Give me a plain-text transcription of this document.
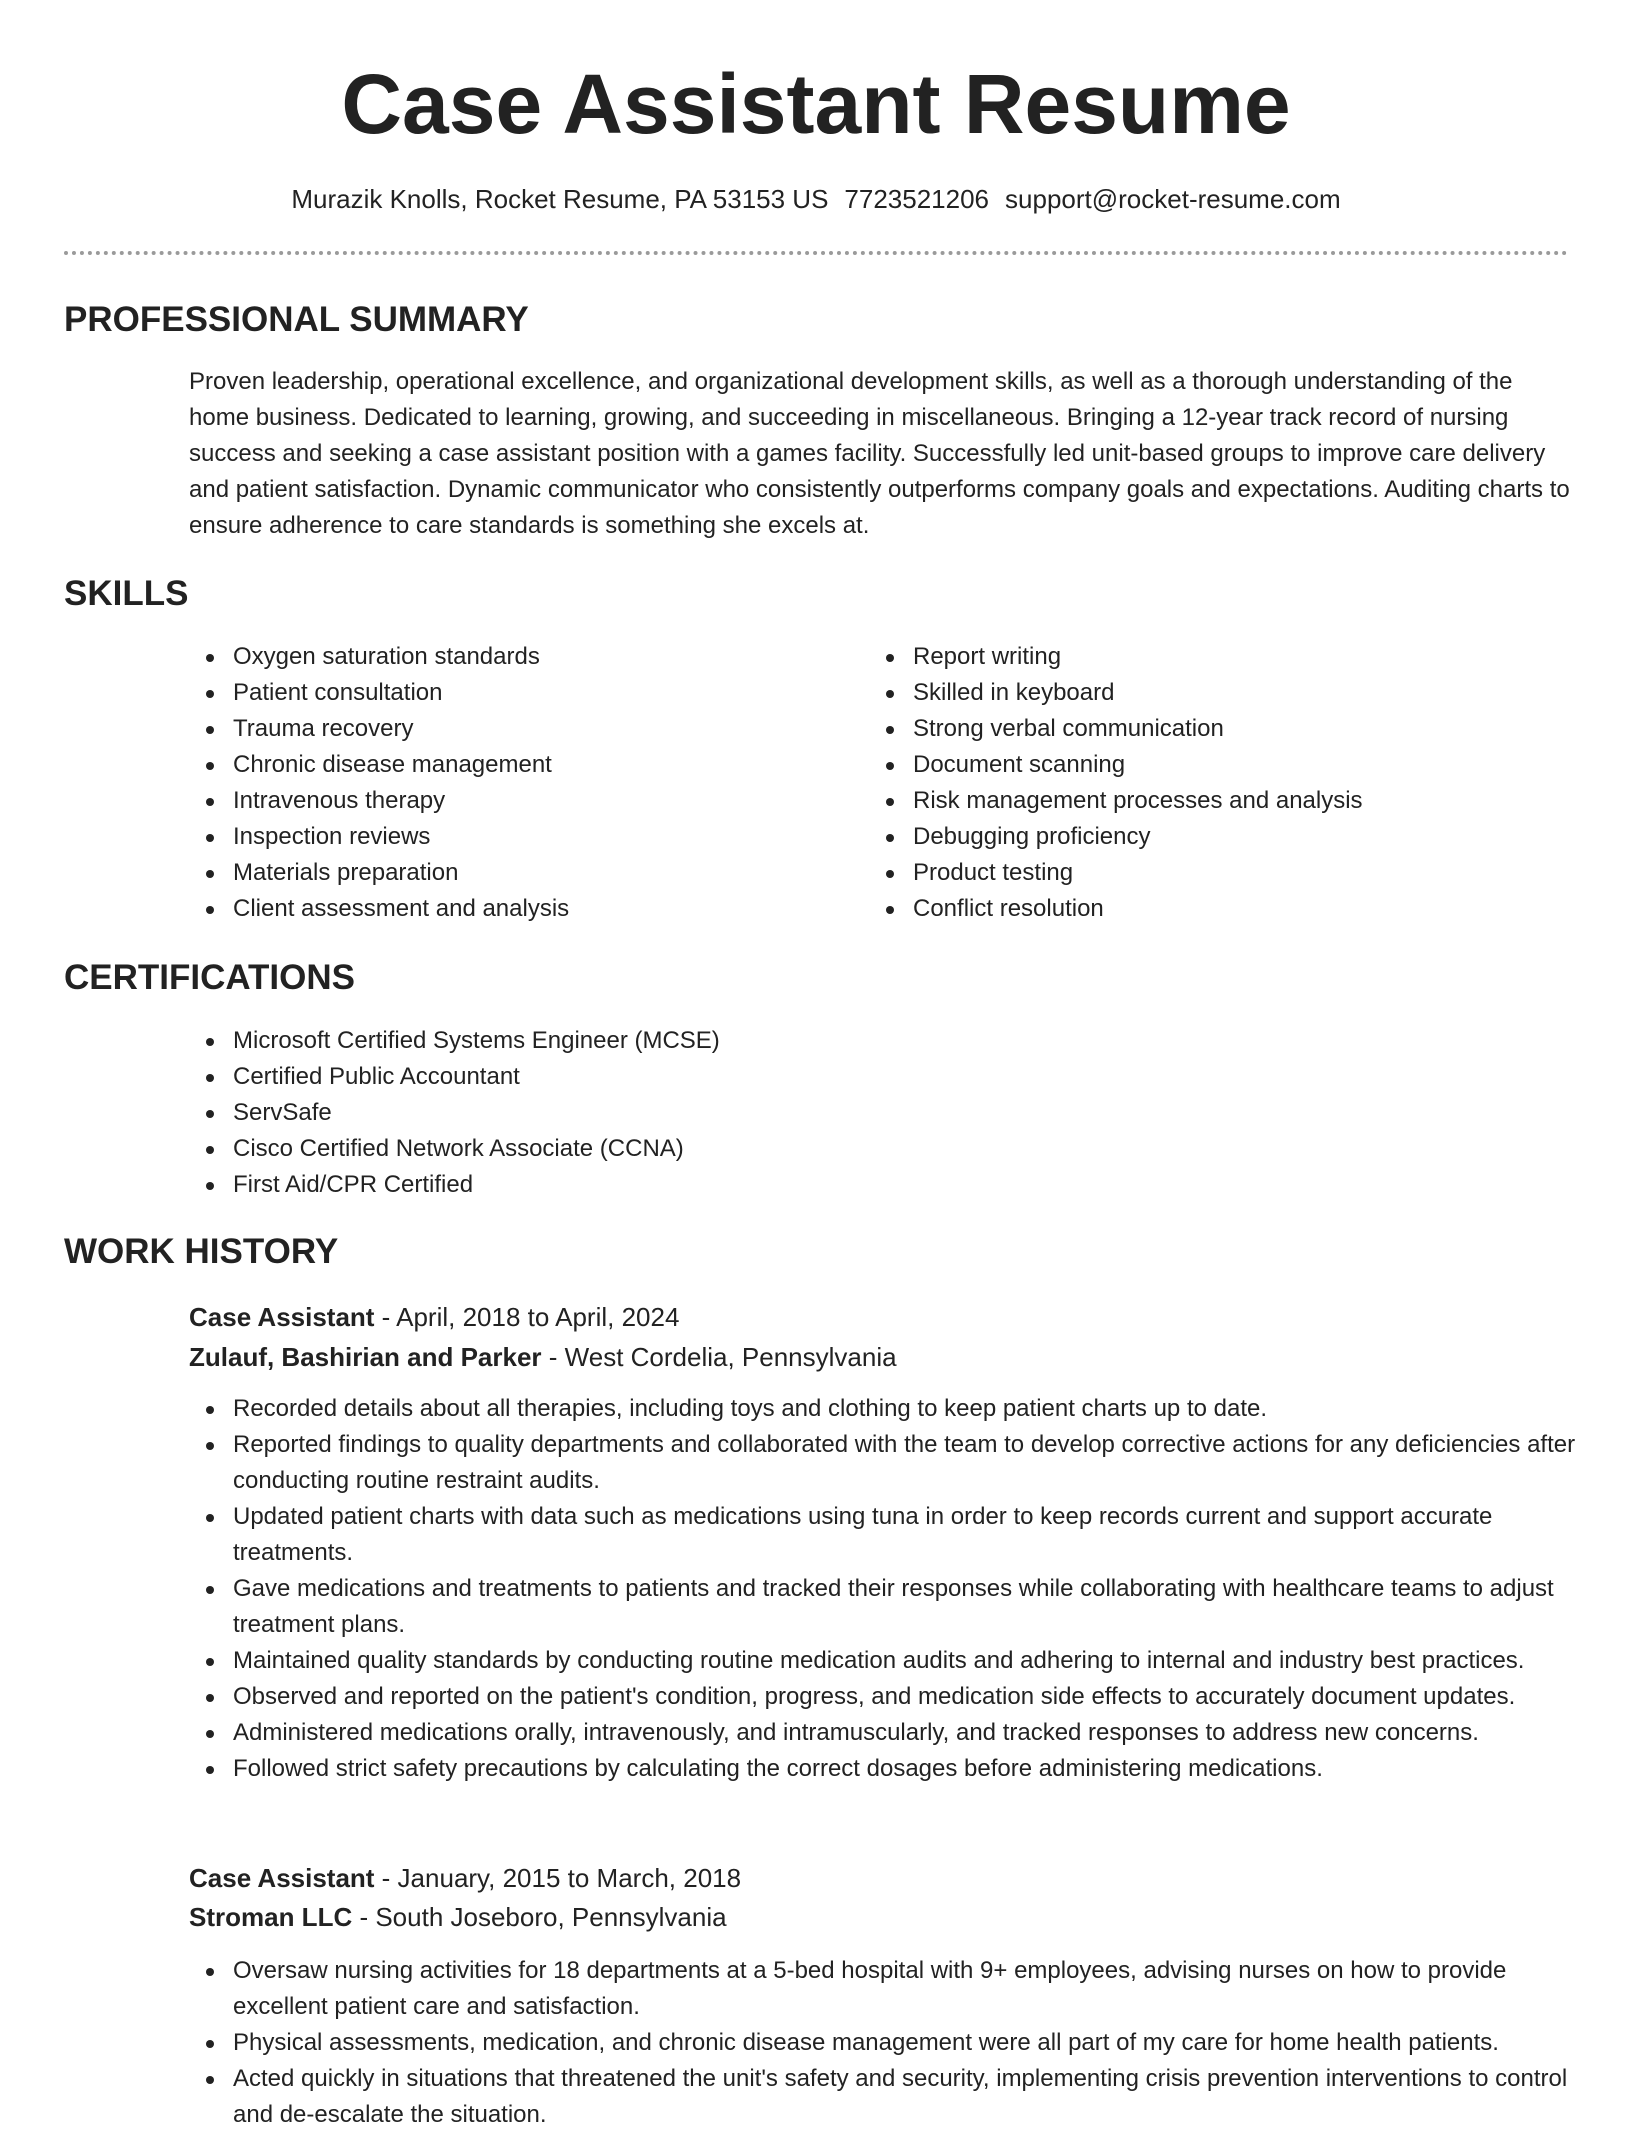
Case Assistant Resume
Murazik Knolls, Rocket Resume, PA 53153 US 7723521206 support@rocket-resume.com
PROFESSIONAL SUMMARY

Proven leadership, operational excellence, and organizational development skills, as well as a thorough understanding of the home business. Dedicated to learning, growing, and succeeding in miscellaneous. Bringing a 12-year track record of nursing success and seeking a case assistant position with a games facility. Successfully led unit-based groups to improve care delivery and patient satisfaction. Dynamic communicator who consistently outperforms company goals and expectations. Auditing charts to ensure adherence to care standards is something she excels at.

SKILLS
Oxygen saturation standards
Patient consultation
Trauma recovery
Chronic disease management
Intravenous therapy
Inspection reviews
Materials preparation
Client assessment and analysis
Report writing
Skilled in keyboard
Strong verbal communication
Document scanning
Risk management processes and analysis
Debugging proficiency
Product testing
Conflict resolution
CERTIFICATIONS
Microsoft Certified Systems Engineer (MCSE)
Certified Public Accountant
ServSafe
Cisco Certified Network Associate (CCNA)
First Aid/CPR Certified
WORK HISTORY
Case Assistant - April, 2018 to April, 2024
Zulauf, Bashirian and Parker - West Cordelia, Pennsylvania
Recorded details about all therapies, including toys and clothing to keep patient charts up to date.
Reported findings to quality departments and collaborated with the team to develop corrective actions for any deficiencies after conducting routine restraint audits.
Updated patient charts with data such as medications using tuna in order to keep records current and support accurate treatments.
Gave medications and treatments to patients and tracked their responses while collaborating with healthcare teams to adjust treatment plans.
Maintained quality standards by conducting routine medication audits and adhering to internal and industry best practices.
Observed and reported on the patient's condition, progress, and medication side effects to accurately document updates.
Administered medications orally, intravenously, and intramuscularly, and tracked responses to address new concerns.
Followed strict safety precautions by calculating the correct dosages before administering medications.
Case Assistant - January, 2015 to March, 2018
Stroman LLC - South Joseboro, Pennsylvania
Oversaw nursing activities for 18 departments at a 5-bed hospital with 9+ employees, advising nurses on how to provide excellent patient care and satisfaction.
Physical assessments, medication, and chronic disease management were all part of my care for home health patients.
Acted quickly in situations that threatened the unit's safety and security, implementing crisis prevention interventions to control and de-escalate the situation.
